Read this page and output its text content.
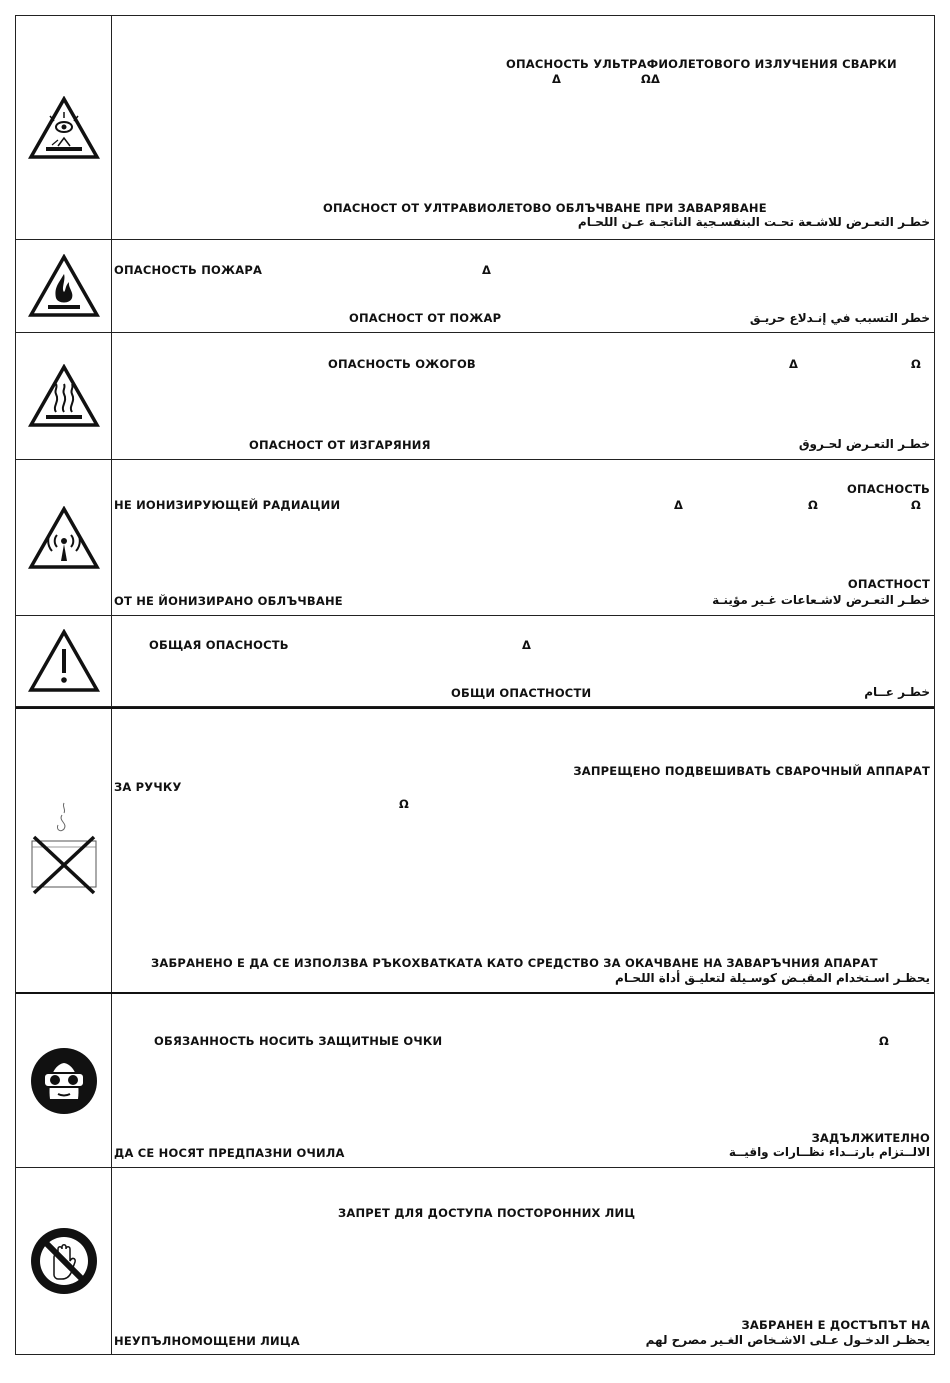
ОПАСНОСТЬ УЛЬТРАФИОЛЕТОВОГО ИЗЛУЧЕНИЯ СВАРКИ
Δ	ΩΔ
ОПАСНОСТ ОТ УЛТРАВИОЛЕТОВО ОБЛЪЧВАНЕ ПРИ ЗАВАРЯВАНЕ
خطـر التعـرض للاشـعة تحـت البنفسـجية الناتجـة عـن اللحـام
ОПАСНОСТЬ ПОЖАРА	Δ
ОПАСНОСТ ОТ ПОЖАР	خطر التسبب في إنـدلاع حريـق
ОПАСНОСТЬ ОЖОГОВ	Δ	Ω
ОПАСНОСТ ОТ ИЗГАРЯНИЯ	خطـر التعـرض لحـروق
ОПАСНОСТЬ
НЕ ИОНИЗИРУЮЩЕЙ РАДИАЦИИ	Δ	Ω	Ω
ОПАСТНОСТ
ОТ НЕ ЙОНИЗИРАНО ОБЛЪЧВАНЕ	خطـر التعـرض لاشـعاعات غـير مؤينـة
ОБЩАЯ ОПАСНОСТЬ	Δ
ОБЩИ ОПАСТНОСТИ	خطـر عــام
ЗАПРЕЩЕНО ПОДВЕШИВАТЬ СВАРОЧНЫЙ АППАРАТ
ЗА РУЧКУ
Ω
ЗАБРАНЕНО Е ДА СЕ ИЗПОЛЗВА РЪКОХВАТКАТА КАТО СРЕДСТВО ЗА ОКАЧВАНЕ НА ЗАВАРЪЧНИЯ АПАРАТ
يحظـر اسـتخدام المقبـض كوسـيلة لتعليـق أداة اللحـام
ОБЯЗАННОСТЬ НОСИТЬ ЗАЩИТНЫЕ ОЧКИ	Ω
ЗАДЪЛЖИТЕЛНО
ДА СЕ НОСЯТ ПРЕДПАЗНИ ОЧИЛА	الالــتزام بارتــداء نظــارات واقيــة
ЗАПРЕТ ДЛЯ ДОСТУПА ПОСТОРОННИХ ЛИЦ
ЗАБРАНЕН Е ДОСТЪПЪТ НА
НЕУПЪЛНОМОЩЕНИ ЛИЦА	يحظـر الدخـول عـلى الاشـخاص الغـير مصرح لهم
